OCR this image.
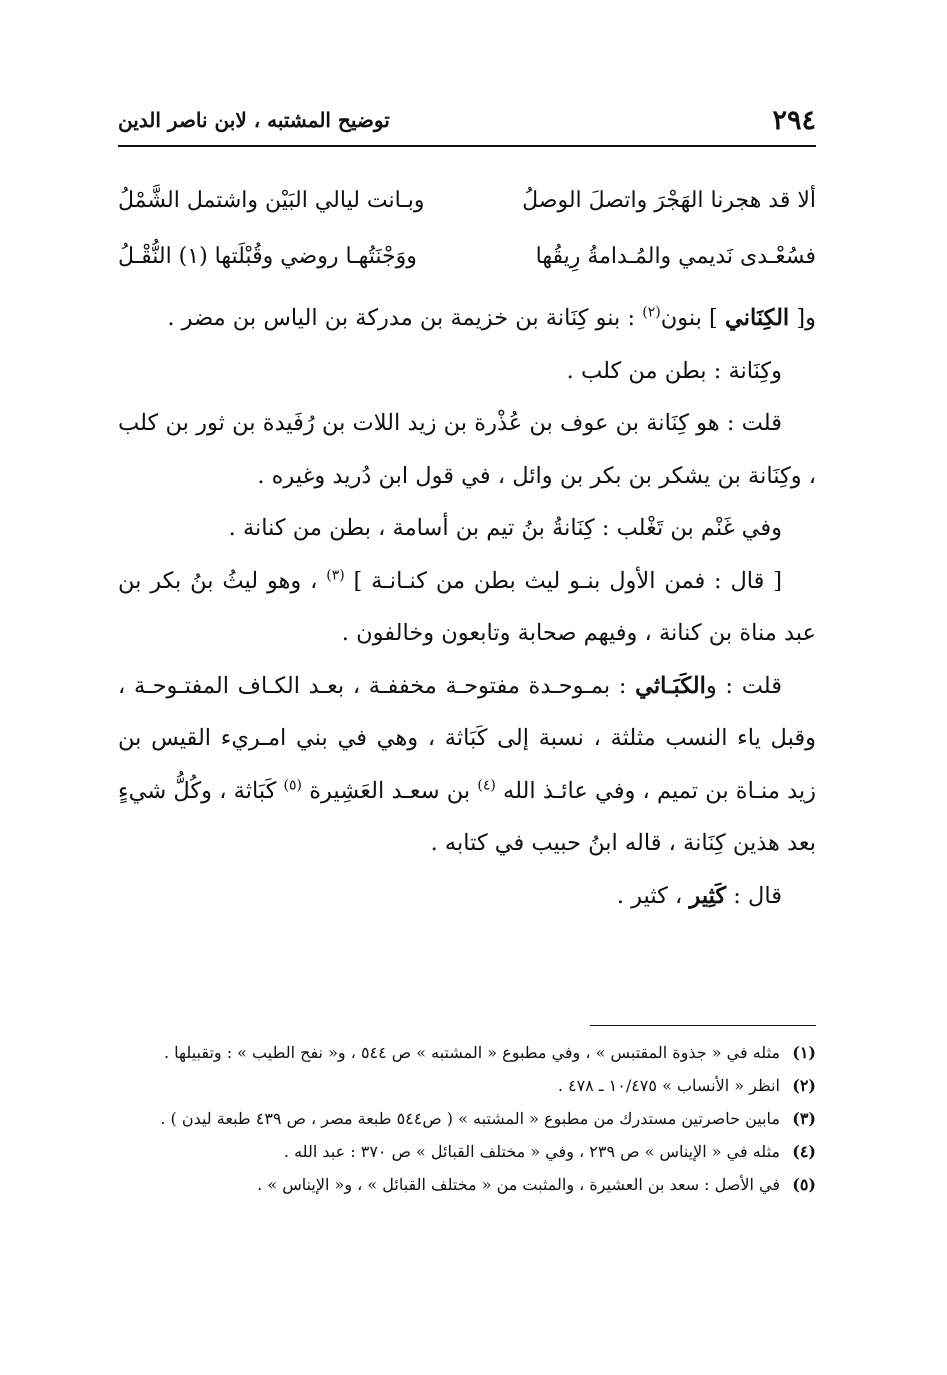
٢٩٤
توضيح المشتبه ، لابن ناصر الدين
ألا قد هجرنا الهَجْرَ واتصلَ الوصلُ
وبـانت ليالي البَيْن واشتمل الشَّمْلُ
فسُعْـدى نَديمي والمُـدامةُ رِيقُها
ووَجْنَتُهـا روضي وقُبْلَتها (١) النُّقْـلُ

و[ الكِنَاني ] بنون$^{(٢)}$ : بنو كِنَانة بن خزيمة بن مدركة بن الياس بن مضر .

وكِنَانة : بطن من كلب .

قلت : هو كِنَانة بن عوف بن عُذْرة بن زيد اللات بن رُفَيدة بن ثور بن كلب ، وكِنَانة بن يشكر بن بكر بن وائل ، في قول ابن دُريد وغيره .

وفي غَنْم بن تَغْلب : كِنَانةُ بنُ تيم بن أسامة ، بطن من كنانة .

[ قال : فمن الأول بنـو ليث بطن من كنـانـة ] $^{(٣)}$ ، وهو ليثُ بنُ بكر بن عبد مناة بن كنانة ، وفيهم صحابة وتابعون وخالفون .

قلت : والكَبَـاثي : بمـوحـدة مفتوحـة مخففـة ، بعـد الكـاف المفتـوحـة ، وقبل ياء النسب مثلثة ، نسبة إلى كَبَاثة ، وهي في بني امـريء القيس بن زيد منـاة بن تميم ، وفي عائـذ الله $^{(٤)}$ بن سعـد العَشِيرة $^{(٥)}$ كَبَاثة ، وكُلُّ شيءٍ بعد هذين كِنَانة ، قاله ابنُ حبيب في كتابه .

قال : كَثِير ، كثير .

(١)
مثله في « جذوة المقتبس » ، وفي مطبوع « المشتبه » ص ٥٤٤ ، و« نفح الطيب » : وتقبيلها .
(٢)
انظر « الأنساب » ١٠/٤٧٥ ـ ٤٧٨ .
(٣)
مابين حاصرتين مستدرك من مطبوع « المشتبه » ( ص٥٤٤ طبعة مصر ، ص ٤٣٩ طبعة ليدن ) .
(٤)
مثله في « الإيناس » ص ٢٣٩ ، وفي « مختلف القبائل » ص ٣٧٠ : عبد الله .
(٥)
في الأصل : سعد بن العشيرة ، والمثبت من « مختلف القبائل » ، و« الإيناس » .
